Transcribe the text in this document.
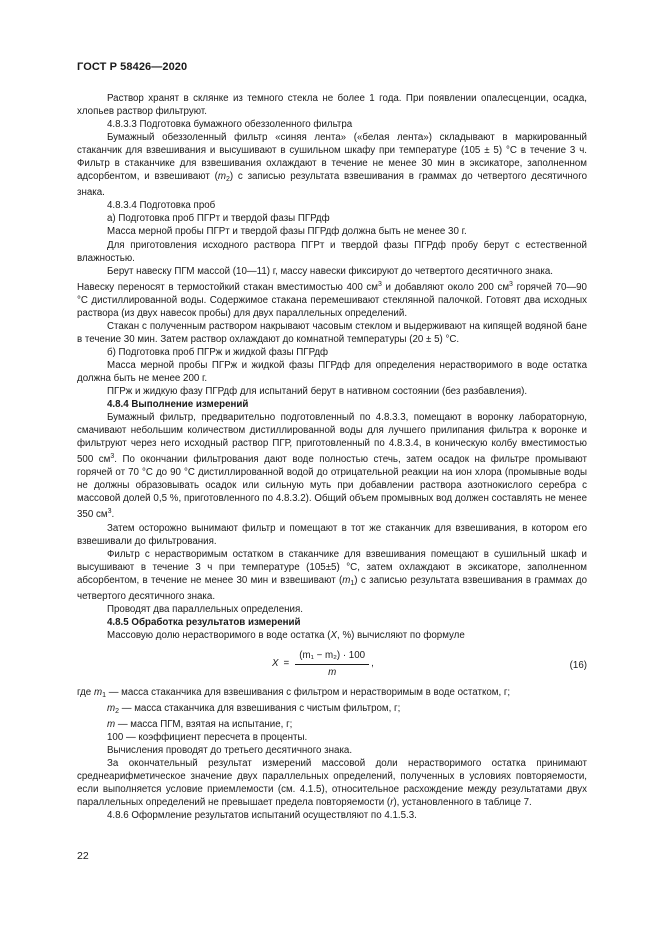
ГОСТ Р 58426—2020

Раствор хранят в склянке из темного стекла не более 1 года. При появлении опалесценции, осадка, хлопьев раствор фильтруют.

4.8.3.3 Подготовка бумажного обеззоленного фильтра

Бумажный обеззоленный фильтр «синяя лента» («белая лента») складывают в маркированный стаканчик для взвешивания и высушивают в сушильном шкафу при температуре (105 ± 5) °С в течение 3 ч. Фильтр в стаканчике для взвешивания охлаждают в течение не менее 30 мин в эксикаторе, заполненном адсорбентом, и взвешивают $(m_2)$ с записью результата взвешивания в граммах до четвертого десятичного знака.

4.8.3.4 Подготовка проб

а) Подготовка проб ПГРт и твердой фазы ПГРдф

Масса мерной пробы ПГРт и твердой фазы ПГРдф должна быть не менее 30 г.

Для приготовления исходного раствора ПГРт и твердой фазы ПГРдф пробу берут с естественной влажностью.

Берут навеску ПГМ массой (10—11) г, массу навески фиксируют до четвертого десятичного знака.

Навеску переносят в термостойкий стакан вместимостью 400 $см^3$ и добавляют около 200 $см^3$ горячей 70—90 °С дистиллированной воды. Содержимое стакана перемешивают стеклянной палочкой. Готовят два исходных раствора (из двух навесок пробы) для двух параллельных определений.

Стакан с полученным раствором накрывают часовым стеклом и выдерживают на кипящей водяной бане в течение 30 мин. Затем раствор охлаждают до комнатной температуры (20 ± 5) °С.

б) Подготовка проб ПГРж и жидкой фазы ПГРдф

Масса мерной пробы ПГРж и жидкой фазы ПГРдф для определения нерастворимого в воде остатка должна быть не менее 200 г.

ПГРж и жидкую фазу ПГРдф для испытаний берут в нативном состоянии (без разбавления).

4.8.4 Выполнение измерений

Бумажный фильтр, предварительно подготовленный по 4.8.3.3, помещают в воронку лабораторную, смачивают небольшим количеством дистиллированной воды для лучшего прилипания фильтра к воронке и фильтруют через него исходный раствор ПГР, приготовленный по 4.8.3.4, в коническую колбу вместимостью 500 $см^3$. По окончании фильтрования дают воде полностью стечь, затем осадок на фильтре промывают горячей от 70 °С до 90 °С дистиллированной водой до отрицательной реакции на ион хлора (промывные воды не должны образовывать осадок или сильную муть при добавлении раствора азотнокислого серебра с массовой долей 0,5 %, приготовленного по 4.8.3.2). Общий объем промывных вод должен составлять не менее 350 $см^3$.

Затем осторожно вынимают фильтр и помещают в тот же стаканчик для взвешивания, в котором его взвешивали до фильтрования.

Фильтр с нерастворимым остатком в стаканчике для взвешивания помещают в сушильный шкаф и высушивают в течение 3 ч при температуре (105±5) °С, затем охлаждают в эксикаторе, заполненном абсорбентом, в течение не менее 30 мин и взвешивают $(m_1)$ с записью результата взвешивания в граммах до четвертого десятичного знака.

Проводят два параллельных определения.

4.8.5 Обработка результатов измерений

Массовую долю нерастворимого в воде остатка (X, %) вычисляют по формуле

$X = \frac{\text{(m₁ − m₂) · 100}}{m}$ ,	(16)

где $m_1$ — масса стаканчика для взвешивания с фильтром и нерастворимым в воде остатком, г;

$m_2$ — масса стаканчика для взвешивания с чистым фильтром, г;

m — масса ПГМ, взятая на испытание, г;

100 — коэффициент пересчета в проценты.

Вычисления проводят до третьего десятичного знака.

За окончательный результат измерений массовой доли нерастворимого остатка принимают среднеарифметическое значение двух параллельных определений, полученных в условиях повторяемости, если выполняется условие приемлемости (см. 4.1.5), относительное расхождение между результатами двух параллельных определений не превышает предела повторяемости (r), установленного в таблице 7.

4.8.6 Оформление результатов испытаний осуществляют по 4.1.5.3.

22
